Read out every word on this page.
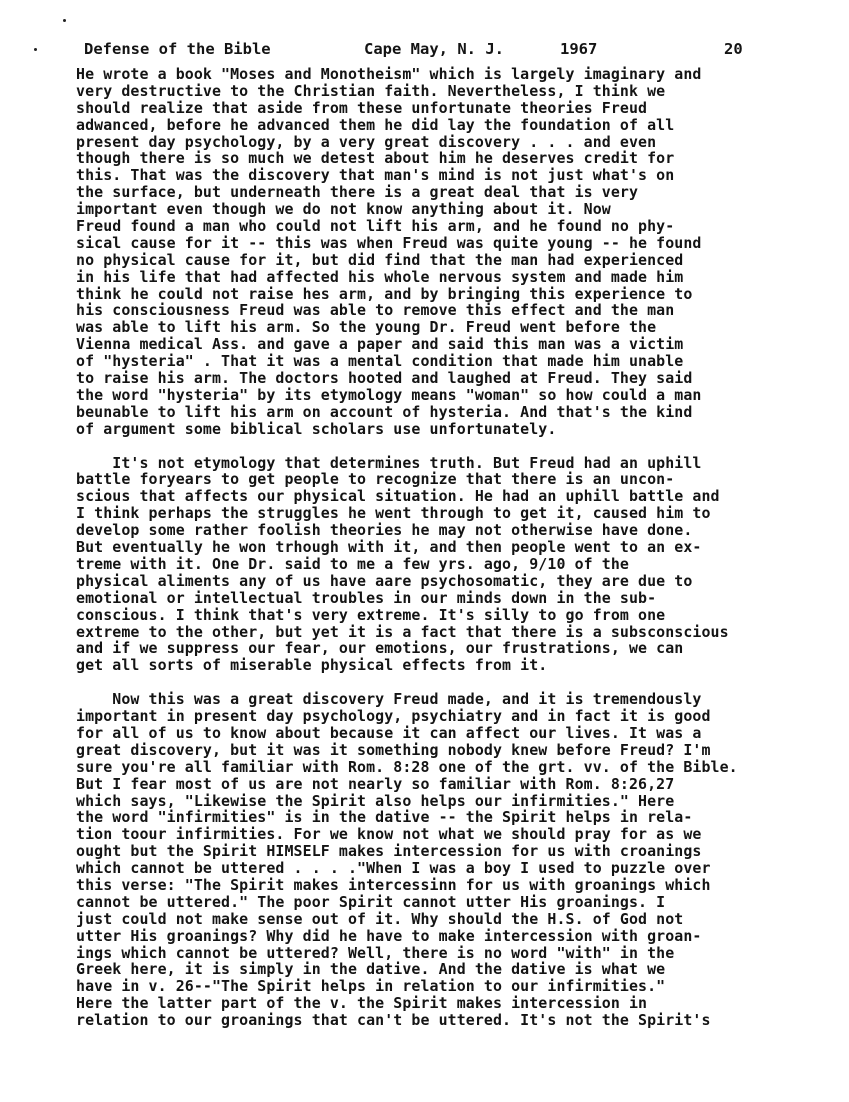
Defense of the Bible

	Cape May, N. J.

	1967

	20

He wrote a book "Moses and Monotheism" which is largely imaginary and
very destructive to the Christian faith. Nevertheless, I think we
should realize that aside from these unfortunate theories Freud
adwanced, before he advanced them he did lay the foundation of all
present day psychology, by a very great discovery . . . and even
though there is so much we detest about him he deserves credit for
this. That was the discovery that man's mind is not just what's on
the surface, but underneath there is a great deal that is very
important even though we do not know anything about it. Now
Freud found a man who could not lift his arm, and he found no phy-
sical cause for it -- this was when Freud was quite young -- he found
no physical cause for it, but did find that the man had experienced
in his life that had affected his whole nervous system and made him
think he could not raise hes arm, and by bringing this experience to
his consciousness Freud was able to remove this effect and the man
was able to lift his arm. So the young Dr. Freud went before the
Vienna medical Ass. and gave a paper and said this man was a victim
of "hysteria" . That it was a mental condition that made him unable
to raise his arm. The doctors hooted and laughed at Freud. They said
the word "hysteria" by its etymology means "woman" so how could a man
beunable to lift his arm on account of hysteria. And that's the kind
of argument some biblical scholars use unfortunately.
It's not etymology that determines truth. But Freud had an uphill
battle foryears to get people to recognize that there is an uncon-
scious that affects our physical situation. He had an uphill battle and
I think perhaps the struggles he went through to get it, caused him to
develop some rather foolish theories he may not otherwise have done.
But eventually he won trhough with it, and then people went to an ex-
treme with it. One Dr. said to me a few yrs. ago, 9/10 of the
physical aliments any of us have aare psychosomatic, they are due to
emotional or intellectual troubles in our minds down in the sub-
conscious. I think that's very extreme. It's silly to go from one
extreme to the other, but yet it is a fact that there is a subsconscious
and if we suppress our fear, our emotions, our frustrations, we can
get all sorts of miserable physical effects from it.
Now this was a great discovery Freud made, and it is tremendously
important in present day psychology, psychiatry and in fact it is good
for all of us to know about because it can affect our lives. It was a
great discovery, but it was it something nobody knew before Freud? I'm
sure you're all familiar with Rom. 8:28 one of the grt. vv. of the Bible.
But I fear most of us are not nearly so familiar with Rom. 8:26,27
which says, "Likewise the Spirit also helps our infirmities." Here
the word "infirmities" is in the dative -- the Spirit helps in rela-
tion toour infirmities. For we know not what we should pray for as we
ought but the Spirit HIMSELF makes intercession for us with croanings
which cannot be uttered . . . ."When I was a boy I used to puzzle over
this verse: "The Spirit makes intercessinn for us with groanings which
cannot be uttered." The poor Spirit cannot utter His groanings. I
just could not make sense out of it. Why should the H.S. of God not
utter His groanings? Why did he have to make intercession with groan-
ings which cannot be uttered? Well, there is no word "with" in the
Greek here, it is simply in the dative. And the dative is what we
have in v. 26--"The Spirit helps in relation to our infirmities."
Here the latter part of the v. the Spirit makes intercession in
relation to our groanings that can't be uttered. It's not the Spirit's
